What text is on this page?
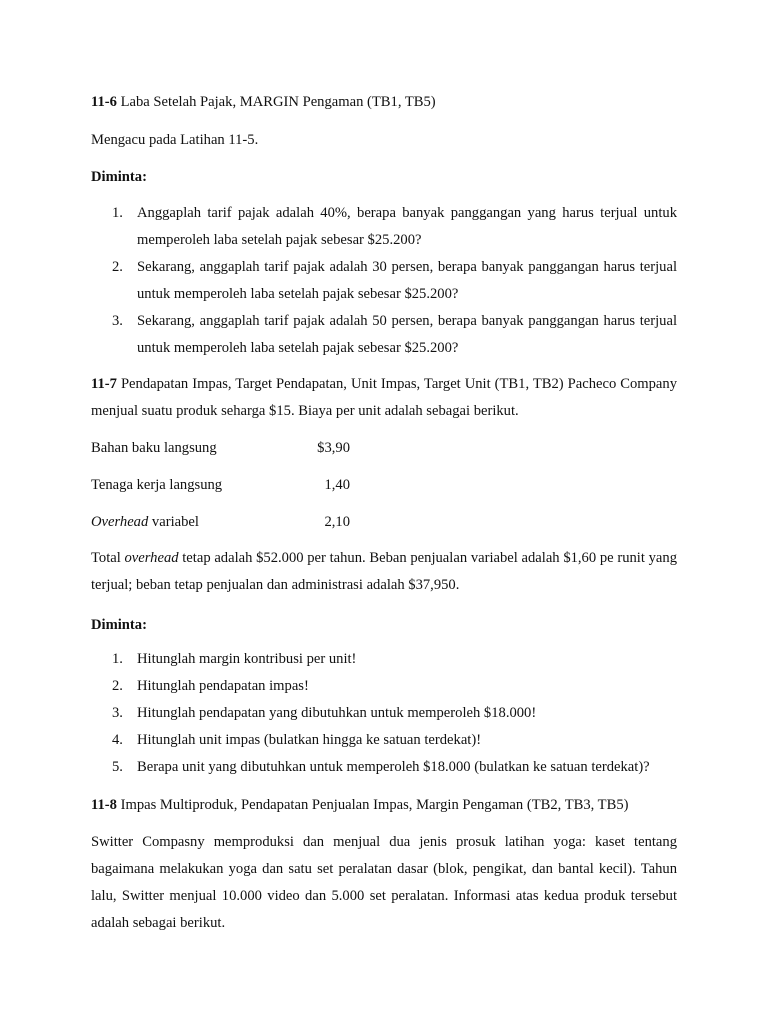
11-6 Laba Setelah Pajak, MARGIN Pengaman (TB1, TB5)

Mengacu pada Latihan 11-5.

Diminta:

1. Anggaplah tarif pajak adalah 40%, berapa banyak panggangan yang harus terjual untuk memperoleh laba setelah pajak sebesar $25.200?
2. Sekarang, anggaplah tarif pajak adalah 30 persen, berapa banyak panggangan harus terjual untuk memperoleh laba setelah pajak sebesar $25.200?
3. Sekarang, anggaplah tarif pajak adalah 50 persen, berapa banyak panggangan harus terjual untuk memperoleh laba setelah pajak sebesar $25.200?

11-7 Pendapatan Impas, Target Pendapatan, Unit Impas, Target Unit (TB1, TB2) Pacheco Company menjual suatu produk seharga $15. Biaya per unit adalah sebagai berikut.

Bahan baku langsung	$3,90
Tenaga kerja langsung	1,40
Overhead variabel	2,10

Total overhead tetap adalah $52.000 per tahun. Beban penjualan variabel adalah $1,60 pe runit yang terjual; beban tetap penjualan dan administrasi adalah $37,950.

Diminta:

1. Hitunglah margin kontribusi per unit!
2. Hitunglah pendapatan impas!
3. Hitunglah pendapatan yang dibutuhkan untuk memperoleh $18.000!
4. Hitunglah unit impas (bulatkan hingga ke satuan terdekat)!
5. Berapa unit yang dibutuhkan untuk memperoleh $18.000 (bulatkan ke satuan terdekat)?

11-8 Impas Multiproduk, Pendapatan Penjualan Impas, Margin Pengaman (TB2, TB3, TB5)

Switter Compasny memproduksi dan menjual dua jenis prosuk latihan yoga: kaset tentang bagaimana melakukan yoga dan satu set peralatan dasar (blok, pengikat, dan bantal kecil). Tahun lalu, Switter menjual 10.000 video dan 5.000 set peralatan. Informasi atas kedua produk tersebut adalah sebagai berikut.
